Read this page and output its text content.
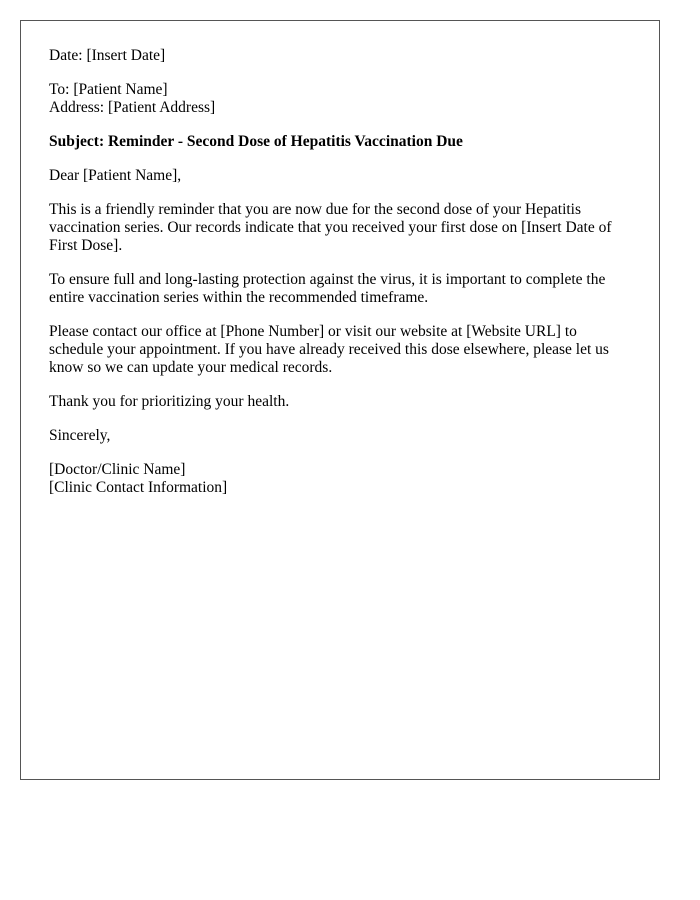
Date: [Insert Date]

To: [Patient Name]
Address: [Patient Address]

Subject: Reminder - Second Dose of Hepatitis Vaccination Due

Dear [Patient Name],

This is a friendly reminder that you are now due for the second dose of your Hepatitis vaccination series. Our records indicate that you received your first dose on [Insert Date of First Dose].

To ensure full and long-lasting protection against the virus, it is important to complete the entire vaccination series within the recommended timeframe.

Please contact our office at [Phone Number] or visit our website at [Website URL] to schedule your appointment. If you have already received this dose elsewhere, please let us know so we can update your medical records.

Thank you for prioritizing your health.

Sincerely,

[Doctor/Clinic Name]
[Clinic Contact Information]
